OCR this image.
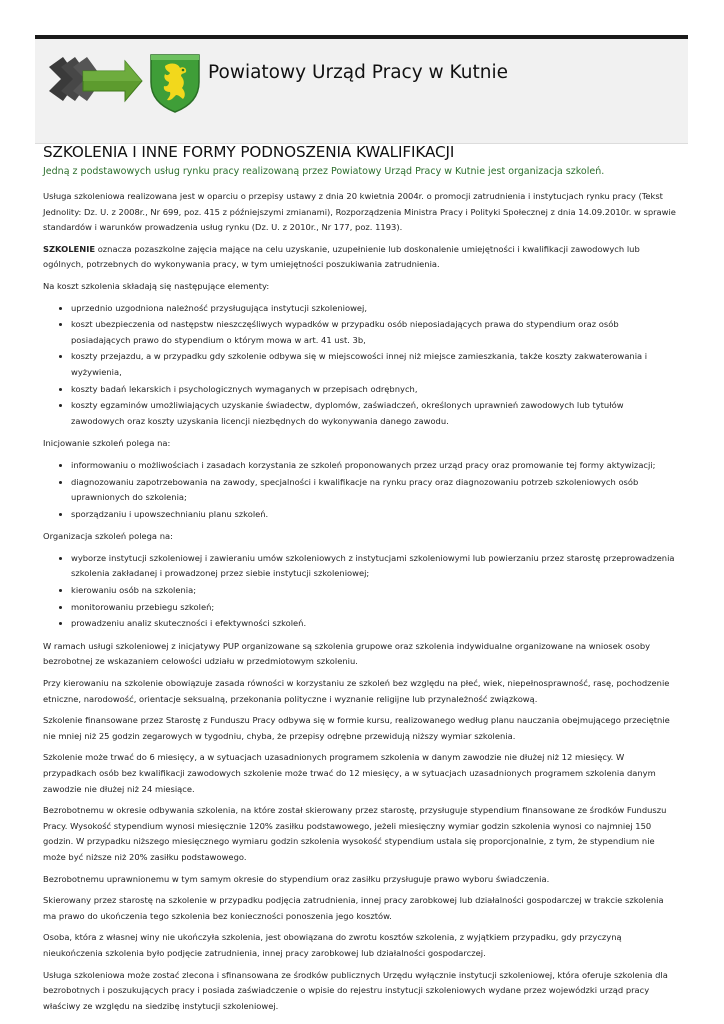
Powiatowy Urząd Pracy w Kutnie
SZKOLENIA I INNE FORMY PODNOSZENIA KWALIFIKACJI
Jedną z podstawowych usług rynku pracy realizowaną przez Powiatowy Urząd Pracy w Kutnie jest organizacja szkoleń.

Usługa szkoleniowa realizowana jest w oparciu o przepisy ustawy z dnia 20 kwietnia 2004r. o promocji zatrudnienia i instytucjach rynku pracy (Tekst Jednolity: Dz. U. z 2008r., Nr 699, poz. 415 z późniejszymi zmianami), Rozporządzenia Ministra Pracy i Polityki Społecznej z dnia 14.09.2010r. w sprawie standardów i warunków prowadzenia usług rynku (Dz. U. z 2010r., Nr 177, poz. 1193).

SZKOLENIE oznacza pozaszkolne zajęcia mające na celu uzyskanie, uzupełnienie lub doskonalenie umiejętności i kwalifikacji zawodowych lub ogólnych, potrzebnych do wykonywania pracy, w tym umiejętności poszukiwania zatrudnienia.

Na koszt szkolenia składają się następujące elementy:

• uprzednio uzgodniona należność przysługująca instytucji szkoleniowej,
• koszt ubezpieczenia od następstw nieszczęśliwych wypadków w przypadku osób nieposiadających prawa do stypendium oraz osób posiadających prawo do stypendium o którym mowa w art. 41 ust. 3b,
• koszty przejazdu, a w przypadku gdy szkolenie odbywa się w miejscowości innej niż miejsce zamieszkania, także koszty zakwaterowania i wyżywienia,
• koszty badań lekarskich i psychologicznych wymaganych w przepisach odrębnych,
• koszty egzaminów umożliwiających uzyskanie świadectw, dyplomów, zaświadczeń, określonych uprawnień zawodowych lub tytułów zawodowych oraz koszty uzyskania licencji niezbędnych do wykonywania danego zawodu.

Inicjowanie szkoleń polega na:

• informowaniu o możliwościach i zasadach korzystania ze szkoleń proponowanych przez urząd pracy oraz promowanie tej formy aktywizacji;
• diagnozowaniu zapotrzebowania na zawody, specjalności i kwalifikacje na rynku pracy oraz diagnozowaniu potrzeb szkoleniowych osób uprawnionych do szkolenia;
• sporządzaniu i upowszechnianiu planu szkoleń.

Organizacja szkoleń polega na:

• wyborze instytucji szkoleniowej i zawieraniu umów szkoleniowych z instytucjami szkoleniowymi lub powierzaniu przez starostę przeprowadzenia szkolenia zakładanej i prowadzonej przez siebie instytucji szkoleniowej;
• kierowaniu osób na szkolenia;
• monitorowaniu przebiegu szkoleń;
• prowadzeniu analiz skuteczności i efektywności szkoleń.

W ramach usługi szkoleniowej z inicjatywy PUP organizowane są szkolenia grupowe oraz szkolenia indywidualne organizowane na wniosek osoby bezrobotnej ze wskazaniem celowości udziału w przedmiotowym szkoleniu.

Przy kierowaniu na szkolenie obowiązuje zasada równości w korzystaniu ze szkoleń bez względu na płeć, wiek, niepełnosprawność, rasę, pochodzenie etniczne, narodowość, orientacje seksualną, przekonania polityczne i wyznanie religijne lub przynależność związkową.

Szkolenie finansowane przez Starostę z Funduszu Pracy odbywa się w formie kursu, realizowanego według planu nauczania obejmującego przeciętnie nie mniej niż 25 godzin zegarowych w tygodniu, chyba, że przepisy odrębne przewidują niższy wymiar szkolenia.

Szkolenie może trwać do 6 miesięcy, a w sytuacjach uzasadnionych programem szkolenia w danym zawodzie nie dłużej niż 12 miesięcy. W przypadkach osób bez kwalifikacji zawodowych szkolenie może trwać do 12 miesięcy, a w sytuacjach uzasadnionych programem szkolenia danym zawodzie nie dłużej niż 24 miesiące.

Bezrobotnemu w okresie odbywania szkolenia, na które został skierowany przez starostę, przysługuje stypendium finansowane ze środków Funduszu Pracy. Wysokość stypendium wynosi miesięcznie 120% zasiłku podstawowego, jeżeli miesięczny wymiar godzin szkolenia wynosi co najmniej 150 godzin. W przypadku niższego miesięcznego wymiaru godzin szkolenia wysokość stypendium ustala się proporcjonalnie, z tym, że stypendium nie może być niższe niż 20% zasiłku podstawowego.

Bezrobotnemu uprawnionemu w tym samym okresie do stypendium oraz zasiłku przysługuje prawo wyboru świadczenia.

Skierowany przez starostę na szkolenie w przypadku podjęcia zatrudnienia, innej pracy zarobkowej lub działalności gospodarczej w trakcie szkolenia ma prawo do ukończenia tego szkolenia bez konieczności ponoszenia jego kosztów.

Osoba, która z własnej winy nie ukończyła szkolenia, jest obowiązana do zwrotu kosztów szkolenia, z wyjątkiem przypadku, gdy przyczyną nieukończenia szkolenia było podjęcie zatrudnienia, innej pracy zarobkowej lub działalności gospodarczej.

Usługa szkoleniowa może zostać zlecona i sfinansowana ze środków publicznych Urzędu wyłącznie instytucji szkoleniowej, która oferuje szkolenia dla bezrobotnych i poszukujących pracy i posiada zaświadczenie o wpisie do rejestru instytucji szkoleniowych wydane przez wojewódzki urząd pracy właściwy ze względu na siedzibę instytucji szkoleniowej.
